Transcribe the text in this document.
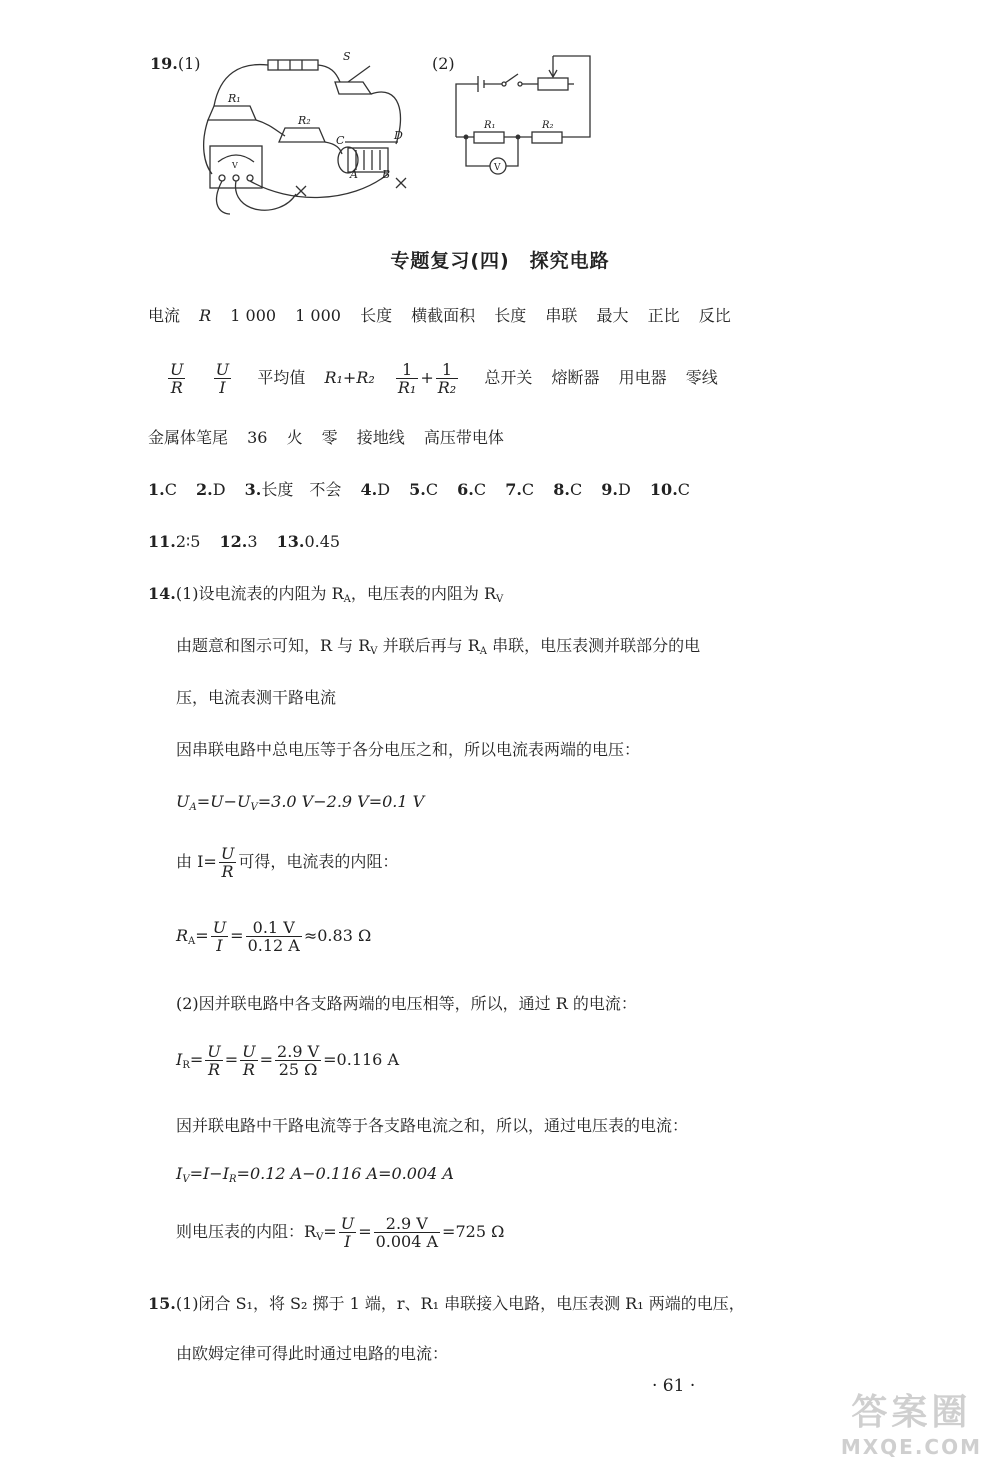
19.(1)	S
R₁
R₂
C	D
A B
V
(2)
R₁	R₂
V
专题复习(四)　探究电路
电流 R 1 000 1 000 长度 横截面积 长度 串联 最大 正比 反比
$\frac{U}{R}$
$\frac{U}{I}$ 平均值 $R_1+R_2 \frac{1}{\text{R₁}} + \frac{1}{\text{R₂}}$ 总开关 熔断器 用电器 零线
金属体笔尾 36 火 零 接地线 高压带电体
1.C 2.D 3.长度　不会 4.D 5.C 6.C 7.C 8.C 9.D 10.C
11.2∶5 12.3 13.0.45
14.(1)设电流表的内阻为 $R_A$，电压表的内阻为 $R_V$
由题意和图示可知，R 与 $R_V$ 并联后再与 $R_A$ 串联，电压表测并联部分的电
压，电流表测干路电流
因串联电路中总电压等于各分电压之和，所以电流表两端的电压：
$U_A=U-U_V=3.0$ V−2.9 V=0.1 V
由 $I= \frac{U}{R}$ 可得，电流表的内阻：
$R_A= \frac{U}{I} = \frac{0.1 V}{0.12 A} \approx 0.83$ Ω
(2)因并联电路中各支路两端的电压相等，所以，通过 R 的电流：
$I_R= \frac{U}{R} = \frac{U}{R} = \frac{2.9 V}{25 \Omega} =0.116$ A
因并联电路中干路电流等于各支路电流之和，所以，通过电压表的电流：
$I_V=I-I_R=0.12$ A−0.116 A=0.004 A
则电压表的内阻：$R_V= \frac{U}{I} = \frac{2.9 V}{0.004 A} =725$ Ω
15.(1)闭合 S₁，将 S₂ 掷于 1 端，r、R₁ 串联接入电路，电压表测 R₁ 两端的电压，
由欧姆定律可得此时通过电路的电流：
· 61 ·
答案圈
MXQE.COM
